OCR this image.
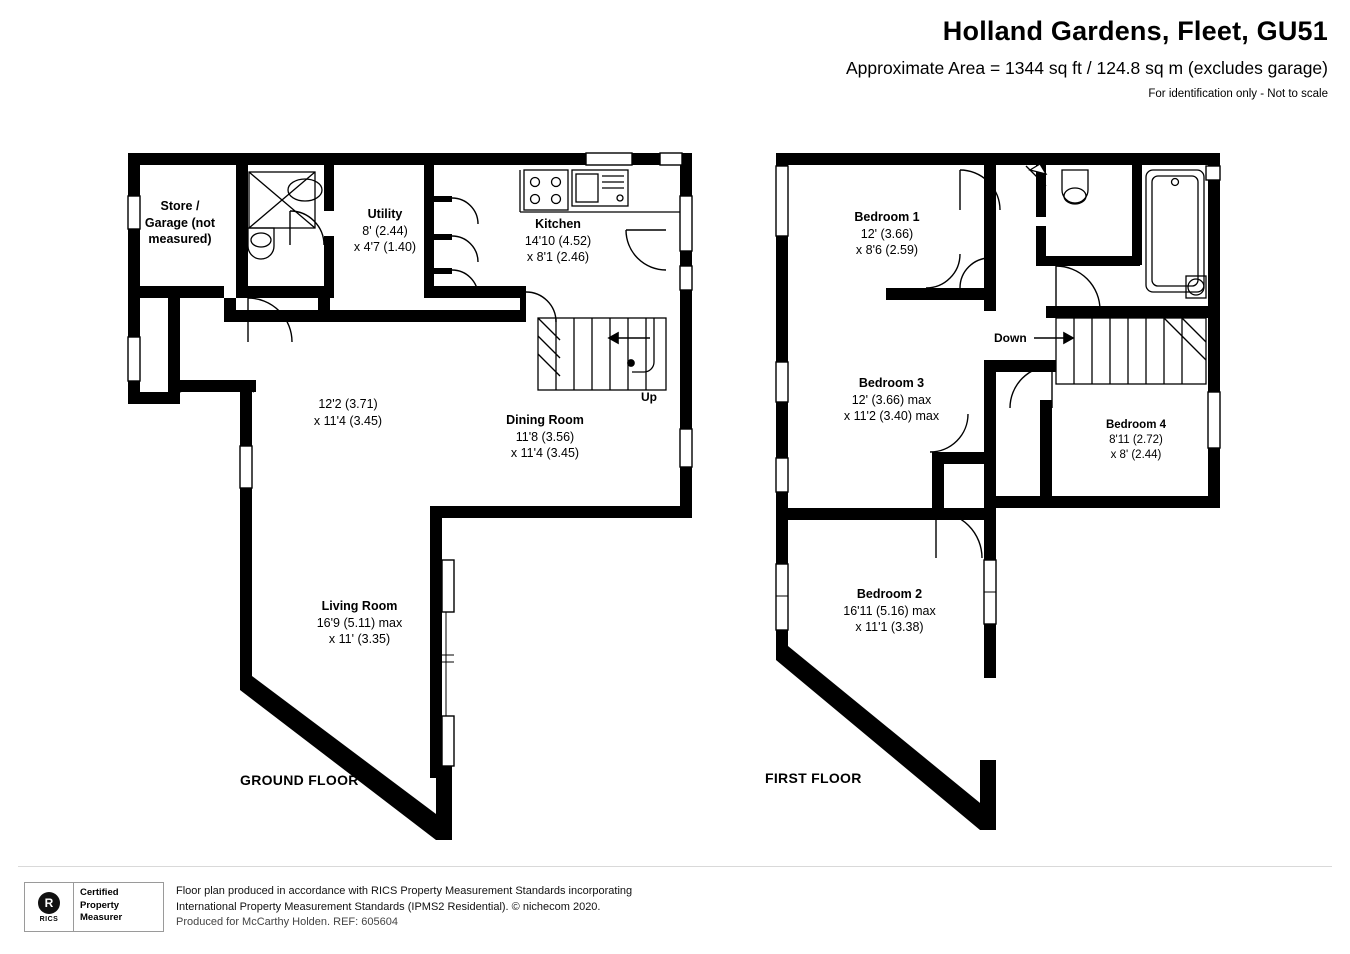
Holland Gardens, Fleet, GU51
Approximate Area = 1344 sq ft / 124.8 sq m (excludes garage)
For identification only - Not to scale
GROUND FLOOR	FIRST FLOOR
Up
Down
Store /
Garage (not
measured)
Utility
8' (2.44)
x 4'7 (1.40)
Kitchen
14'10 (4.52)
x 8'1 (2.46)
12'2 (3.71)
x 11'4 (3.45)	Dining Room
11'8 (3.56)
x 11'4 (3.45)
Living Room
16'9 (5.11) max
x 11' (3.35)
Bedroom 1
12' (3.66)
x 8'6 (2.59)
Bedroom 3
12' (3.66) max
x 11'2 (3.40) max
Bedroom 4
8'11 (2.72)
x 8' (2.44)
Bedroom 2
16'11 (5.16) max
x 11'1 (3.38)
R
RICS
Certified
Property
Measurer
Floor plan produced in accordance with RICS Property Measurement Standards incorporating
International Property Measurement Standards (IPMS2 Residential). © nichecom 2020.
Produced for McCarthy Holden. REF: 605604
